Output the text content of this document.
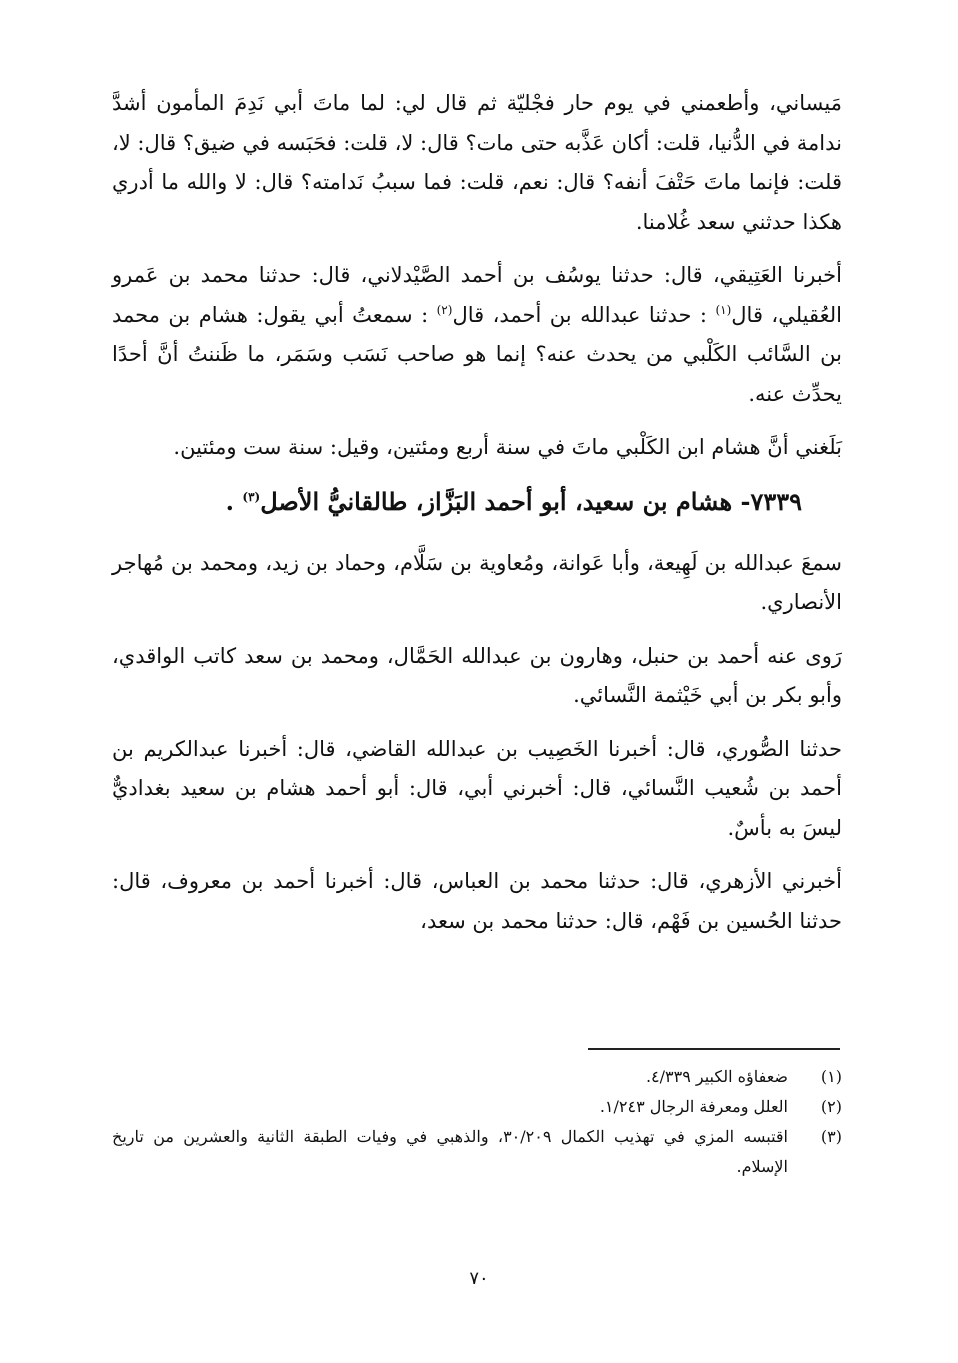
مَيساني، وأطعمني في يوم حار فجْليّة ثم قال لي: لما ماتَ أبي نَدِمَ المأمون أشدَّ ندامة في الدُّنيا، قلت: أكان عَذَّبه حتى مات؟ قال: لا، قلت: فحَبَسه في ضيق؟ قال: لا، قلت: فإنما ماتَ حَتْفَ أنفه؟ قال: نعم، قلت: فما سببُ نَدامته؟ قال: لا والله ما أدري هكذا حدثني سعد غُلامنا.

أخبرنا العَتِيقي، قال: حدثنا يوسُف بن أحمد الصَّيْدلاني، قال: حدثنا محمد بن عَمرو العُقيلي، قال$^{(١)}$ : حدثنا عبدالله بن أحمد، قال$^{(٢)}$ : سمعتُ أبي يقول: هشام بن محمد بن السَّائب الكَلْبي من يحدث عنه؟ إنما هو صاحب نَسَب وسَمَر، ما ظَننتُ أنَّ أحدًا يحدِّث عنه.

بَلَغني أنَّ هشام ابن الكَلْبي ماتَ في سنة أربع ومئتين، وقيل: سنة ست ومئتين.

٧٣٣٩- هشام بن سعيد، أبو أحمد البَزَّاز، طالقانيُّ الأصل$^{(٣)}$ .

سمعَ عبدالله بن لَهِيعة، وأبا عَوانة، ومُعاوية بن سَلَّام، وحماد بن زيد، ومحمد بن مُهاجر الأنصاري.

رَوى عنه أحمد بن حنبل، وهارون بن عبدالله الحَمَّال، ومحمد بن سعد كاتب الواقدي، وأبو بكر بن أبي خَيْثمة النَّسائي.

حدثنا الصُّوري، قال: أخبرنا الخَصِيب بن عبدالله القاضي، قال: أخبرنا عبدالكريم بن أحمد بن شُعيب النَّسائي، قال: أخبرني أبي، قال: أبو أحمد هشام بن سعيد بغداديٌّ ليسَ به بأسٌ.

أخبرني الأزهري، قال: حدثنا محمد بن العباس، قال: أخبرنا أحمد بن معروف، قال: حدثنا الحُسين بن فَهْم، قال: حدثنا محمد بن سعد،

(١)
ضعفاؤه الكبير ٤/٣٣٩.
(٢)
العلل ومعرفة الرجال ١/٢٤٣.
(٣)
اقتبسه المزي في تهذيب الكمال ٣٠/٢٠٩، والذهبي في وفيات الطبقة الثانية والعشرين من تاريخ الإسلام.
٧٠
